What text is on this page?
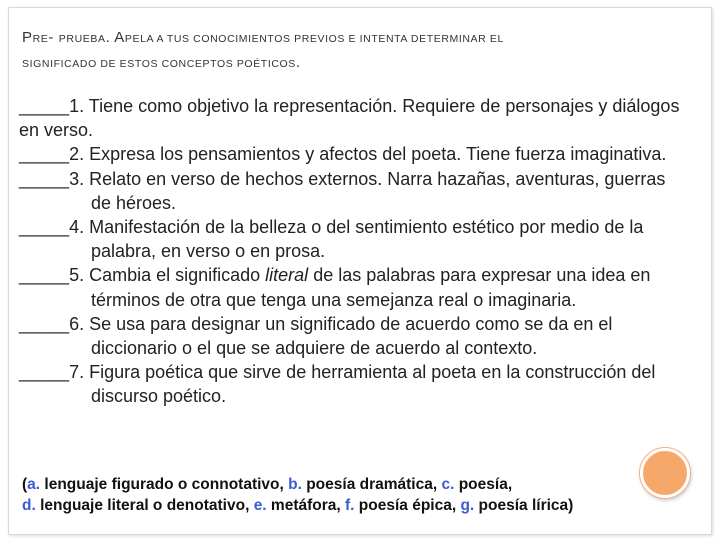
PRE- PRUEBA. APELA A TUS CONOCIMIENTOS PREVIOS E INTENTA DETERMINAR EL
SIGNIFICADO DE ESTOS CONCEPTOS POÉTICOS.
_____1. Tiene como objetivo la representación. Requiere de personajes y diálogos en verso.
_____2. Expresa los pensamientos y afectos del poeta. Tiene fuerza imaginativa.
_____3. Relato en verso de hechos externos. Narra hazañas, aventuras, guerras de héroes.
_____4. Manifestación de la belleza o del sentimiento estético por medio de la palabra, en verso o en prosa.
_____5. Cambia el significado literal de las palabras para expresar una idea en términos de otra que tenga una semejanza real o imaginaria.
_____6. Se usa para designar un significado de acuerdo como se da en el diccionario o el que se adquiere de acuerdo al contexto.
_____7. Figura poética que sirve de herramienta al poeta en la construcción del discurso poético.
(a. lenguaje figurado o connotativo, b. poesía dramática, c. poesía,
d. lenguaje literal o denotativo, e. metáfora, f. poesía épica, g. poesía lírica)
